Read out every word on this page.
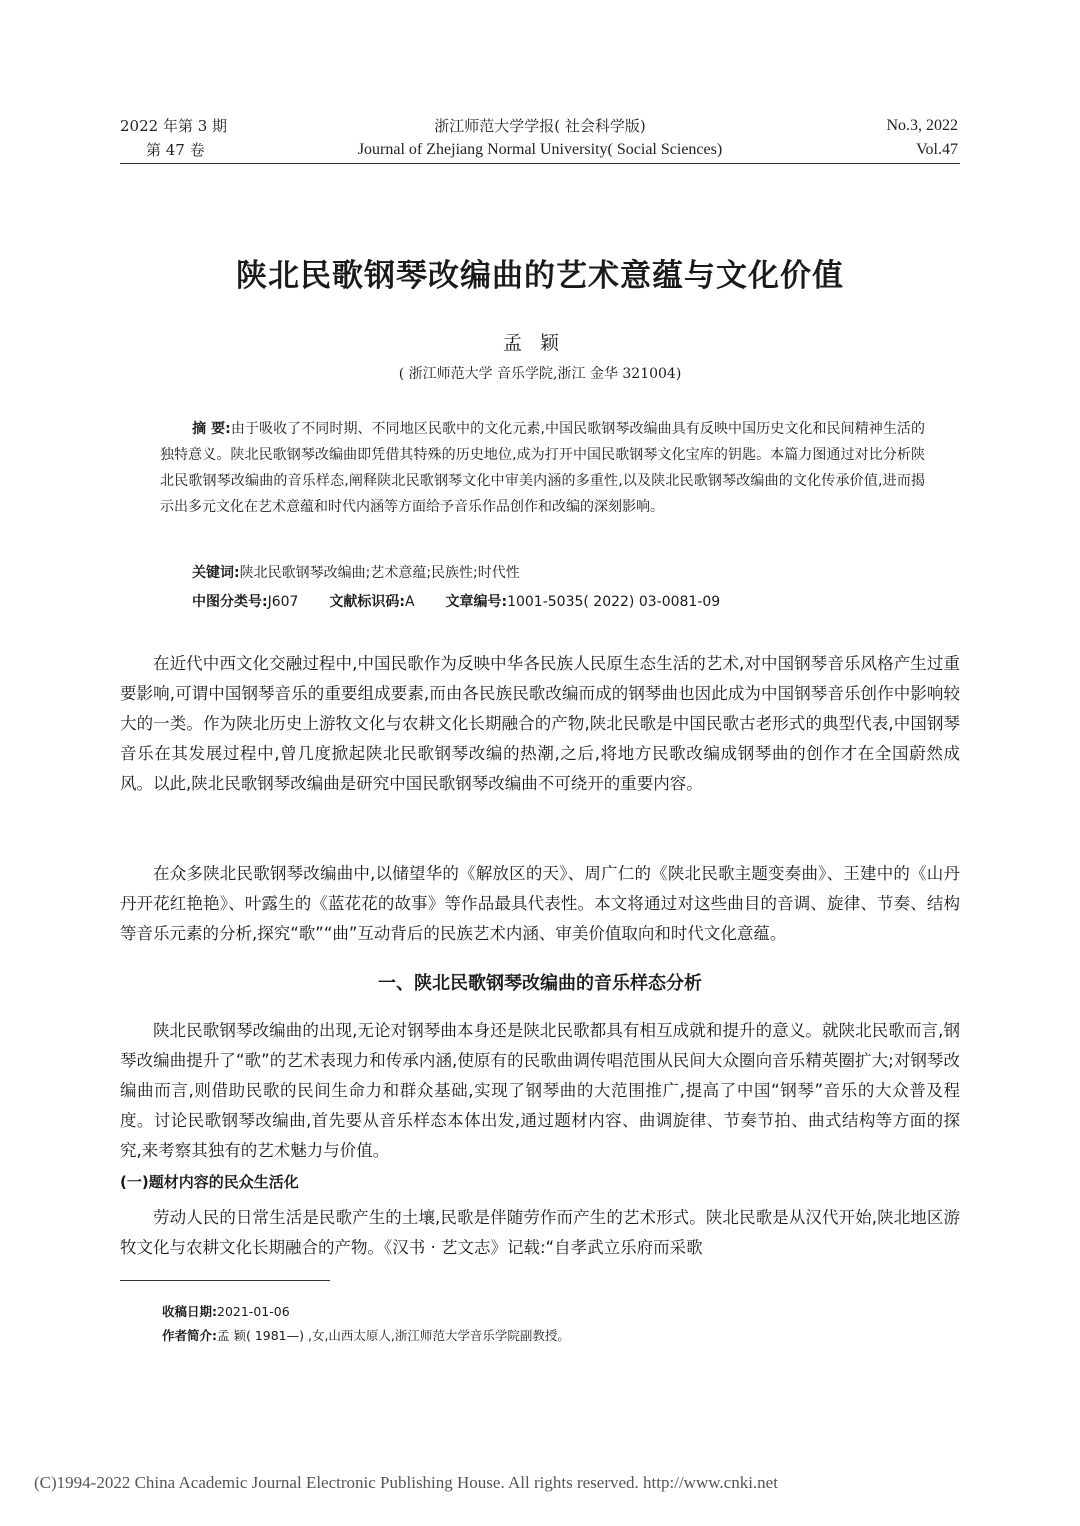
2022 年第 3 期
第 47 卷
浙江师范大学学报( 社会科学版)
Journal of Zhejiang Normal University( Social Sciences)
No.3, 2022
Vol.47
陕北民歌钢琴改编曲的艺术意蕴与文化价值
孟颖
( 浙江师范大学 音乐学院,浙江 金华 321004)
摘 要:由于吸收了不同时期、不同地区民歌中的文化元素,中国民歌钢琴改编曲具有反映中国历史文化和民间精神生活的独特意义。陕北民歌钢琴改编曲即凭借其特殊的历史地位,成为打开中国民歌钢琴文化宝库的钥匙。本篇力图通过对比分析陕北民歌钢琴改编曲的音乐样态,阐释陕北民歌钢琴文化中审美内涵的多重性,以及陕北民歌钢琴改编曲的文化传承价值,进而揭示出多元文化在艺术意蕴和时代内涵等方面给予音乐作品创作和改编的深刻影响。
关键词:陕北民歌钢琴改编曲;艺术意蕴;民族性;时代性
中图分类号:J607 文献标识码:A 文章编号:1001-5035( 2022) 03-0081-09
在近代中西文化交融过程中,中国民歌作为反映中华各民族人民原生态生活的艺术,对中国钢琴音乐风格产生过重要影响,可谓中国钢琴音乐的重要组成要素,而由各民族民歌改编而成的钢琴曲也因此成为中国钢琴音乐创作中影响较大的一类。作为陕北历史上游牧文化与农耕文化长期融合的产物,陕北民歌是中国民歌古老形式的典型代表,中国钢琴音乐在其发展过程中,曾几度掀起陕北民歌钢琴改编的热潮,之后,将地方民歌改编成钢琴曲的创作才在全国蔚然成风。以此,陕北民歌钢琴改编曲是研究中国民歌钢琴改编曲不可绕开的重要内容。
在众多陕北民歌钢琴改编曲中,以储望华的《解放区的天》、周广仁的《陕北民歌主题变奏曲》、王建中的《山丹丹开花红艳艳》、叶露生的《蓝花花的故事》等作品最具代表性。本文将通过对这些曲目的音调、旋律、节奏、结构等音乐元素的分析,探究“歌”“曲”互动背后的民族艺术内涵、审美价值取向和时代文化意蕴。
一、陕北民歌钢琴改编曲的音乐样态分析
陕北民歌钢琴改编曲的出现,无论对钢琴曲本身还是陕北民歌都具有相互成就和提升的意义。就陕北民歌而言,钢琴改编曲提升了“歌”的艺术表现力和传承内涵,使原有的民歌曲调传唱范围从民间大众圈向音乐精英圈扩大;对钢琴改编曲而言,则借助民歌的民间生命力和群众基础,实现了钢琴曲的大范围推广,提高了中国“钢琴”音乐的大众普及程度。讨论民歌钢琴改编曲,首先要从音乐样态本体出发,通过题材内容、曲调旋律、节奏节拍、曲式结构等方面的探究,来考察其独有的艺术魅力与价值。
(一)题材内容的民众生活化
劳动人民的日常生活是民歌产生的土壤,民歌是伴随劳作而产生的艺术形式。陕北民歌是从汉代开始,陕北地区游牧文化与农耕文化长期融合的产物。《汉书 · 艺文志》记载:“自孝武立乐府而采歌
收稿日期:2021-01-06
作者简介:孟 颖( 1981—) ,女,山西太原人,浙江师范大学音乐学院副教授。
(C)1994-2022 China Academic Journal Electronic Publishing House. All rights reserved. http://www.cnki.net
